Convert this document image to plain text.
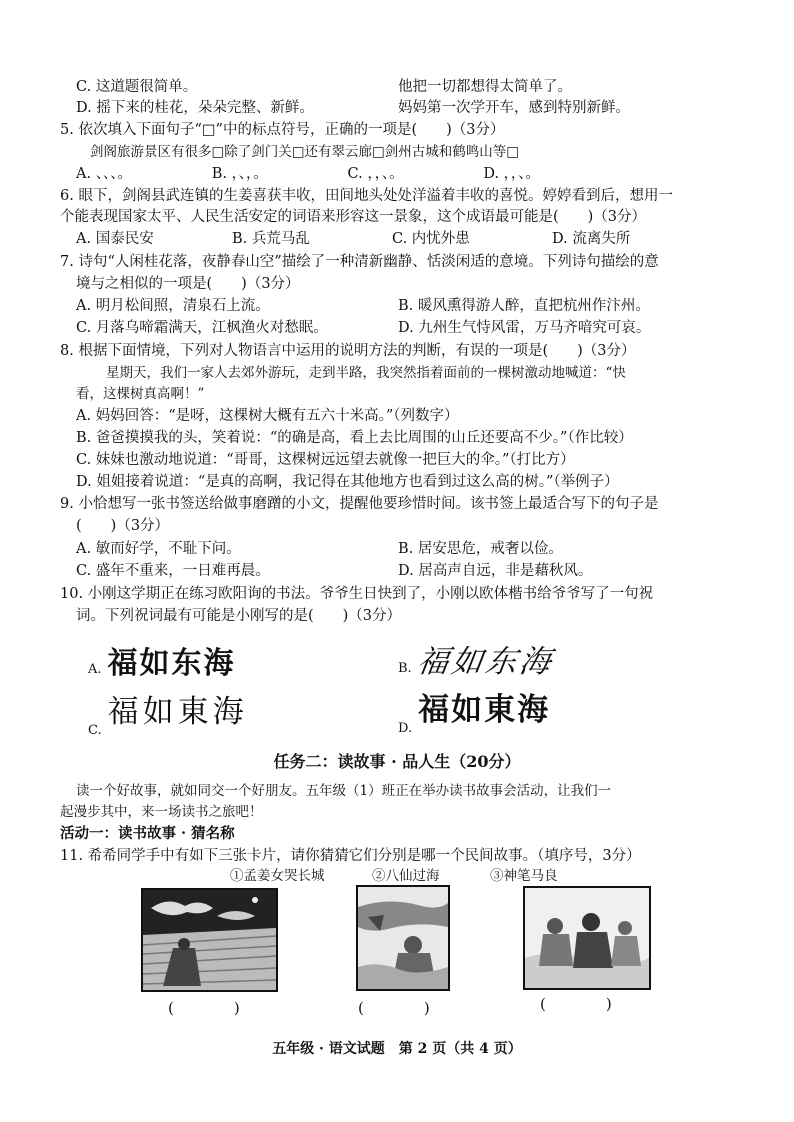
C. 这道题很简单。	他把一切都想得太简单了。
D. 摇下来的桂花，朵朵完整、新鲜。	妈妈第一次学开车，感到特别新鲜。
5. 依次填入下面句子“□”中的标点符号，正确的一项是(　　)（3分）
剑阁旅游景区有很多□除了剑门关□还有翠云廊□剑州古城和鹤鸣山等□
A. 、、、。　　　　　　B. ，、，。　　　　　　C. ，，、。　　　　　　D. ，，、。
6. 眼下，剑阁县武连镇的生姜喜获丰收，田间地头处处洋溢着丰收的喜悦。婷婷看到后，想用一
个能表现国家太平、人民生活安定的词语来形容这一景象，这个成语最可能是(　　)（3分）
A. 国泰民安	B. 兵荒马乱	C. 内忧外患	D. 流离失所
7. 诗句“人闲桂花落，夜静春山空”描绘了一种清新幽静、恬淡闲适的意境。下列诗句描绘的意
境与之相似的一项是(　　)（3分）
A. 明月松间照，清泉石上流。	B. 暖风熏得游人醉，直把杭州作汴州。
C. 月落乌啼霜满天，江枫渔火对愁眠。	D. 九州生气恃风雷，万马齐喑究可哀。
8. 根据下面情境，下列对人物语言中运用的说明方法的判断，有误的一项是(　　)（3分）
星期天，我们一家人去郊外游玩，走到半路，我突然指着面前的一棵树激动地喊道：“快
看，这棵树真高啊！”
A. 妈妈回答：“是呀，这棵树大概有五六十米高。”（列数字）
B. 爸爸摸摸我的头，笑着说：“的确是高，看上去比周围的山丘还要高不少。”（作比较）
C. 妹妹也激动地说道：“哥哥，这棵树远远望去就像一把巨大的伞。”（打比方）
D. 姐姐接着说道：“是真的高啊，我记得在其他地方也看到过这么高的树。”（举例子）
9. 小恰想写一张书签送给做事磨蹭的小文，提醒他要珍惜时间。该书签上最适合写下的句子是
(　　)（3分）
A. 敏而好学，不耻下问。	B. 居安思危，戒奢以俭。
C. 盛年不重来，一日难再晨。	D. 居高声自远，非是藉秋风。
10. 小刚这学期正在练习欧阳询的书法。爷爷生日快到了，小刚以欧体楷书给爷爷写了一句祝
词。下列祝词最有可能是小刚写的是(　　)（3分）
A. 福如东海	B.福如东海
$_{C.}$福如東海	$_{D.}$福如東海
任务二：读故事 · 品人生（20分）
读一个好故事，就如同交一个好朋友。五年级（1）班正在举办读书故事会活动，让我们一
起漫步其中，来一场读书之旅吧！
活动一：读书故事 · 猜名称
11. 希希同学手中有如下三张卡片，请你猜猜它们分别是哪一个民间故事。（填序号，3分）
①孟姜女哭长城	②八仙过海	③神笔马良
(　　　　)	(　　　　)	(　　　　)
五年级 · 语文试题　第 2 页（共 4 页）
